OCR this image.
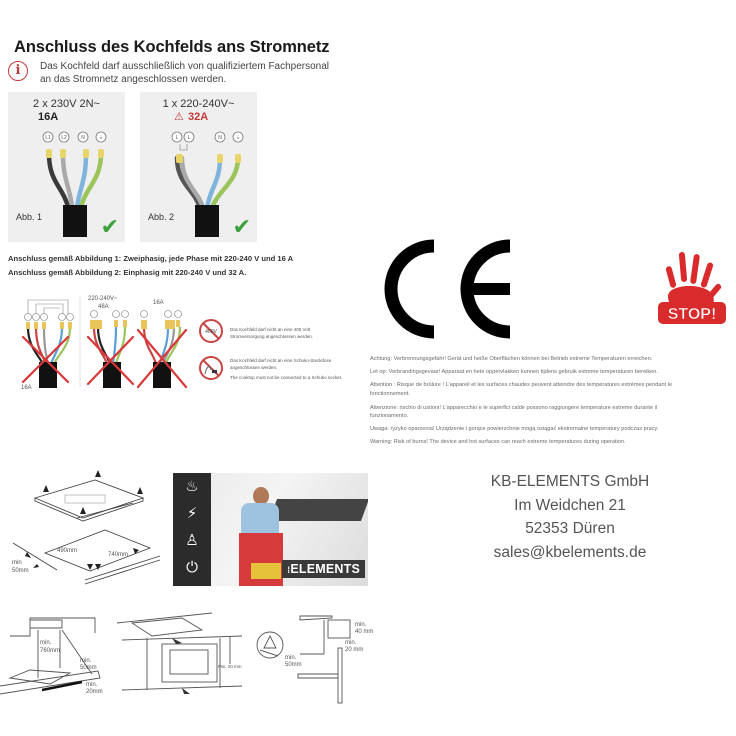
Anschluss des Kochfelds ans Stromnetz
i	Das Kochfeld darf ausschließlich von qualifiziertem Fachpersonal
an das Stromnetz angeschlossen werden.
2 x 230V 2N~
16A
L1 L2	N	⏚
Abb. 1	✔
1 x 220-240V~
⚠ 32A
L L	N	⏚
Abb. 2	✔
Anschluss gemäß Abbildung 1: Zweiphasig, jede Phase mit 220-240 V und 16 A
Anschluss gemäß Abbildung 2: Einphasig mit 220-240 V und 32 A.
16A
220-240V~
48A
16A
400V	Das Kochfeld darf nicht an eine 400 Volt
Stromversorgung angeschlossen werden.
Das Kochfeld darf nicht an eine Schuko-Steckdose
angeschlossen werden.
The cooktop must not be connected to a Schuko socket.
STOP!
Achtung: Verbrennungsgefahr! Gerät und heiße Oberflächen können bei Betrieb extreme Temperaturen erreichen.
Let op: Verbrandingsgevaar! Apparaat en hete oppervlakken kunnen tijdens gebruik extreme temperaturen bereiken.
Attention : Risque de brûlure ! L'appareil et les surfaces chaudes peuvent atteindre des températures extrêmes pendant le
fonctionnement.
Attenzione: rischio di ustioni! L'apparecchio e le superfici calde possono raggiungere temperature estreme durante il
funzionamento.
Uwaga: ryzyko oparzenia! Urządzenie i gorące powierzchnie mogą osiągać ekstremalne temperatury podczas pracy.
Warning: Risk of burns! The device and hot surfaces can reach extreme temperatures during operation.
490mm
740mm
min
50mm
♨
⚡
♙
⏻	⁞ELEMENTS
KB-ELEMENTS GmbH
Im Weidchen 21
52353 Düren
sales@kbelements.de
min.
760mm
min.
50mm
min.
20mm
Min. 20 mm
min.
50mm
min.
40 mm
min.
20 mm
